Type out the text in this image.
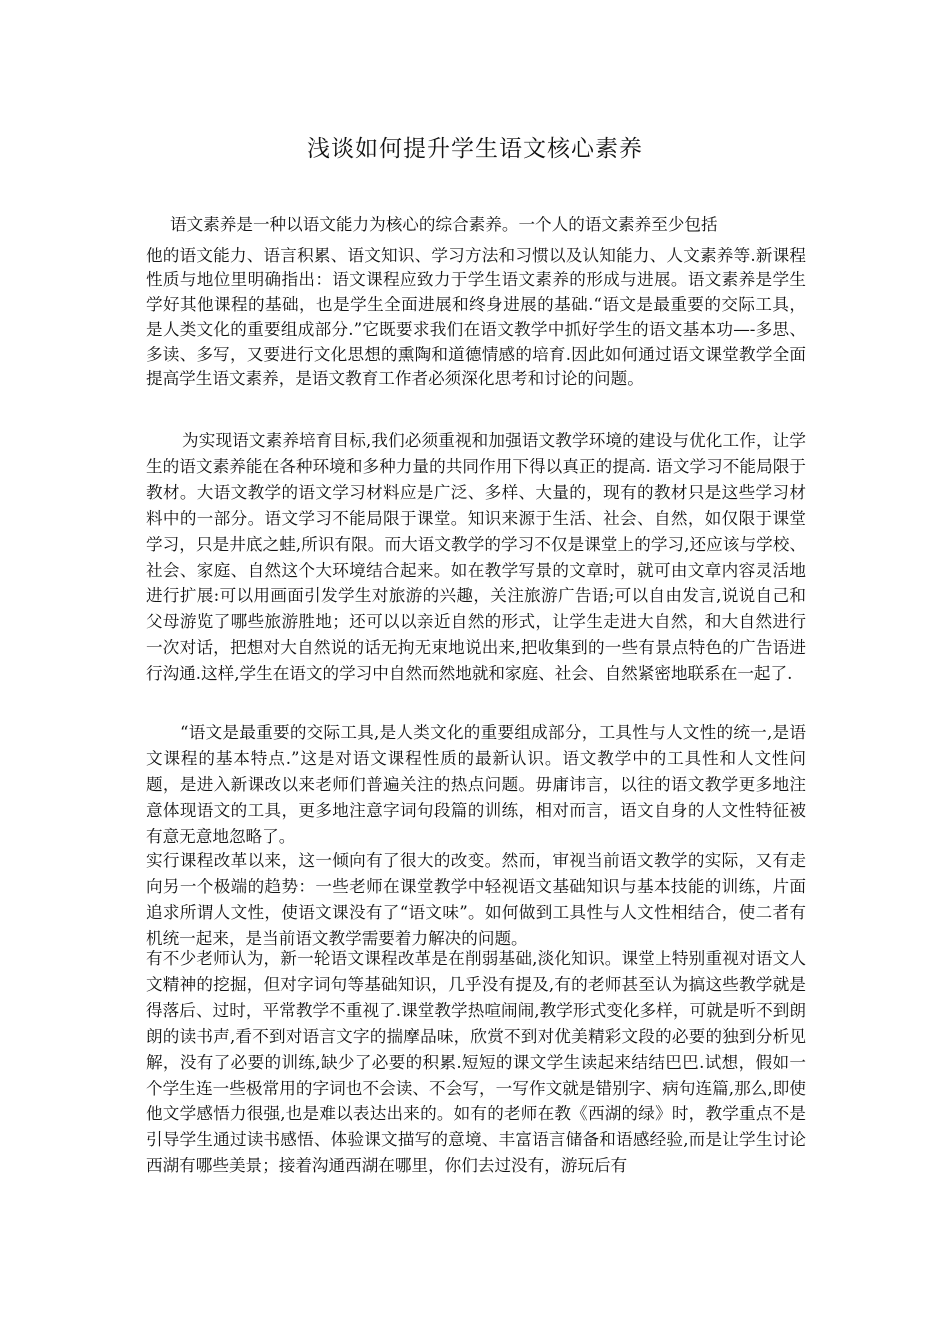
浅谈如何提升学生语文核心素养
语文素养是一种以语文能力为核心的综合素养。一个人的语文素养至少包括
他的语文能力、语言积累、语文知识、学习方法和习惯以及认知能力、人文素养等.新课程性质与地位里明确指出：语文课程应致力于学生语文素养的形成与进展。语文素养是学生学好其他课程的基础，也是学生全面进展和终身进展的基础.“语文是最重要的交际工具，是人类文化的重要组成部分.”它既要求我们在语文教学中抓好学生的语文基本功—-多思、多读、多写，又要进行文化思想的熏陶和道德情感的培育.因此如何通过语文课堂教学全面提高学生语文素养，是语文教育工作者必须深化思考和讨论的问题。

为实现语文素养培育目标,我们必须重视和加强语文教学环境的建设与优化工作，让学生的语文素养能在各种环境和多种力量的共同作用下得以真正的提高. 语文学习不能局限于教材。大语文教学的语文学习材料应是广泛、多样、大量的，现有的教材只是这些学习材料中的一部分。语文学习不能局限于课堂。知识来源于生活、社会、自然，如仅限于课堂学习，只是井底之蛙,所识有限。而大语文教学的学习不仅是课堂上的学习,还应该与学校、社会、家庭、自然这个大环境结合起来。如在教学写景的文章时，就可由文章内容灵活地进行扩展:可以用画面引发学生对旅游的兴趣，关注旅游广告语;可以自由发言,说说自己和父母游览了哪些旅游胜地；还可以以亲近自然的形式，让学生走进大自然，和大自然进行一次对话，把想对大自然说的话无拘无束地说出来,把收集到的一些有景点特色的广告语进行沟通.这样,学生在语文的学习中自然而然地就和家庭、社会、自然紧密地联系在一起了.

“语文是最重要的交际工具,是人类文化的重要组成部分，工具性与人文性的统一,是语文课程的基本特点.”这是对语文课程性质的最新认识。语文教学中的工具性和人文性问题，是进入新课改以来老师们普遍关注的热点问题。毋庸讳言，以往的语文教学更多地注意体现语文的工具，更多地注意字词句段篇的训练，相对而言，语文自身的人文性特征被有意无意地忽略了。

实行课程改革以来，这一倾向有了很大的改变。然而，审视当前语文教学的实际，又有走向另一个极端的趋势：一些老师在课堂教学中轻视语文基础知识与基本技能的训练，片面追求所谓人文性，使语文课没有了“语文味”。如何做到工具性与人文性相结合，使二者有机统一起来，是当前语文教学需要着力解决的问题。

有不少老师认为，新一轮语文课程改革是在削弱基础,淡化知识。课堂上特别重视对语文人文精神的挖掘，但对字词句等基础知识，几乎没有提及,有的老师甚至认为搞这些教学就是得落后、过时，平常教学不重视了.课堂教学热喧闹闹,教学形式变化多样，可就是听不到朗朗的读书声,看不到对语言文字的揣摩品味，欣赏不到对优美精彩文段的必要的独到分析见解，没有了必要的训练,缺少了必要的积累.短短的课文学生读起来结结巴巴.试想，假如一个学生连一些极常用的字词也不会读、不会写，一写作文就是错别字、病句连篇,那么,即使他文学感悟力很强,也是难以表达出来的。如有的老师在教《西湖的绿》时，教学重点不是引导学生通过读书感悟、体验课文描写的意境、丰富语言储备和语感经验,而是让学生讨论西湖有哪些美景；接着沟通西湖在哪里，你们去过没有，游玩后有
